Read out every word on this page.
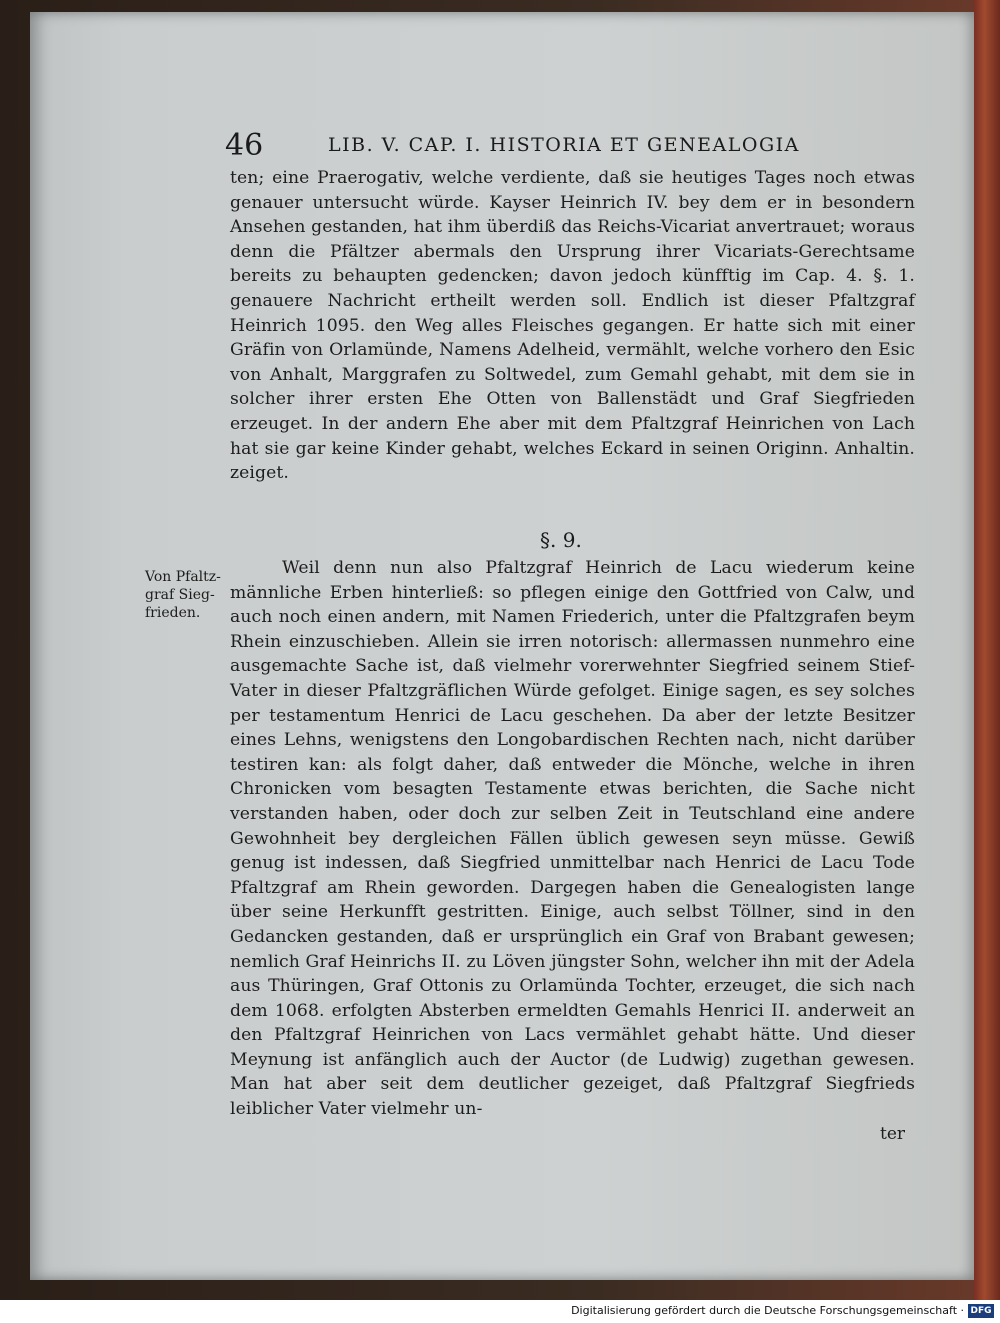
46	LIB. V. CAP. I. HISTORIA ET GENEALOGIA

ten; eine Praerogativ, welche verdiente, daß sie heutiges Tages noch etwas genauer untersucht würde. Kayser Heinrich IV. bey dem er in besondern Ansehen gestanden, hat ihm überdiß das Reichs-Vicariat anvertrauet; woraus denn die Pfältzer abermals den Ursprung ihrer Vicariats-Gerechtsame bereits zu behaupten gedencken; davon jedoch künfftig im Cap. 4. §. 1. genauere Nachricht ertheilt werden soll. Endlich ist dieser Pfaltzgraf Heinrich 1095. den Weg alles Fleisches gegangen. Er hatte sich mit einer Gräfin von Orlamünde, Namens Adelheid, vermählt, welche vorhero den Esic von Anhalt, Marggrafen zu Soltwedel, zum Gemahl gehabt, mit dem sie in solcher ihrer ersten Ehe Otten von Ballenstädt und Graf Siegfrieden erzeuget. In der andern Ehe aber mit dem Pfaltzgraf Heinrichen von Lach hat sie gar keine Kinder gehabt, welches Eckard in seinen Originn. Anhaltin. zeiget.

§. 9.
Von Pfaltz-graf Sieg-frieden.

Weil denn nun also Pfaltzgraf Heinrich de Lacu wiederum keine männliche Erben hinterließ: so pflegen einige den Gottfried von Calw, und auch noch einen andern, mit Namen Friederich, unter die Pfaltzgrafen beym Rhein einzuschieben. Allein sie irren notorisch: allermassen nunmehro eine ausgemachte Sache ist, daß vielmehr vorerwehnter Siegfried seinem Stief-Vater in dieser Pfaltzgräflichen Würde gefolget. Einige sagen, es sey solches per testamentum Henrici de Lacu geschehen. Da aber der letzte Besitzer eines Lehns, wenigstens den Longobardischen Rechten nach, nicht darüber testiren kan: als folgt daher, daß entweder die Mönche, welche in ihren Chronicken vom besagten Testamente etwas berichten, die Sache nicht verstanden haben, oder doch zur selben Zeit in Teutschland eine andere Gewohnheit bey dergleichen Fällen üblich gewesen seyn müsse. Gewiß genug ist indessen, daß Siegfried unmittelbar nach Henrici de Lacu Tode Pfaltzgraf am Rhein geworden. Dargegen haben die Genealogisten lange über seine Herkunfft gestritten. Einige, auch selbst Töllner, sind in den Gedancken gestanden, daß er ursprünglich ein Graf von Brabant gewesen; nemlich Graf Heinrichs II. zu Löven jüngster Sohn, welcher ihn mit der Adela aus Thüringen, Graf Ottonis zu Orlamünda Tochter, erzeuget, die sich nach dem 1068. erfolgten Absterben ermeldten Gemahls Henrici II. anderweit an den Pfaltzgraf Heinrichen von Lacs vermählet gehabt hätte. Und dieser Meynung ist anfänglich auch der Auctor (de Ludwig) zugethan gewesen. Man hat aber seit dem deutlicher gezeiget, daß Pfaltzgraf Siegfrieds leiblicher Vater vielmehr un-

ter
Digitalisierung gefördert durch die Deutsche Forschungsgemeinschaft · DFG
